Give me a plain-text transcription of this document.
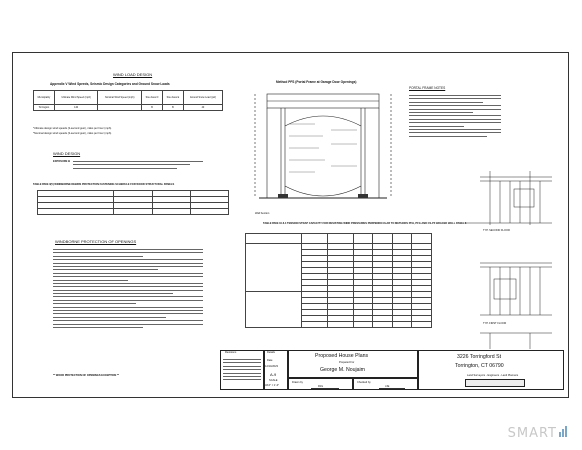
WIND LOAD DESIGN
Appendix V Wind Speeds, Seismic Design Categories and Ground Snow Loads
Municipality	Ultimate Wind Speed (mph)	Nominal Wind Speed (mph)	Site class D	Site class E	Ground Snow Load (psf)
Torrington	140		B	B	40
*Ultimate design wind speeds (3-second gust), miles per hour (mph).
*Nominal design wind speeds (3-second gust), miles per hour (mph).
WIND DESIGN
EXPOSURE B
TABLE R602.3(5) WINDBORNE DEBRIS PROTECTION FASTENING SCHEDULE FOR WOOD STRUCTURAL PANELS

WINDBORNE PROTECTION OF OPENINGS
** WOOD PROTECTION OF OPENINGS EXCEPTION **
Method PFS (Portal Frame at Garage Door Openings)
Wall Section
TABLE R602.10.6.4 TENSION STRAP CAPACITY FOR RESISTING WIND PRESSURES PERPENDICULAR TO METHODS PFH, PFG AND CS-PF BRACED WALL PANELS

PORTAL FRAME NOTES
TYP. SECOND FLOOR
TYP. FIRST FLOOR
Revisions	Details
Date
12/14/2023
A-9
SCALE
3/16" = 1'-0"
Proposed House Plans
Prepared For
George M. Noujaim
Drawn by
RJG
Checked by
JJE
3226 Torringford St
Torrington, CT 06790
Land Surveyors - Engineers - Land Planners
SMART
